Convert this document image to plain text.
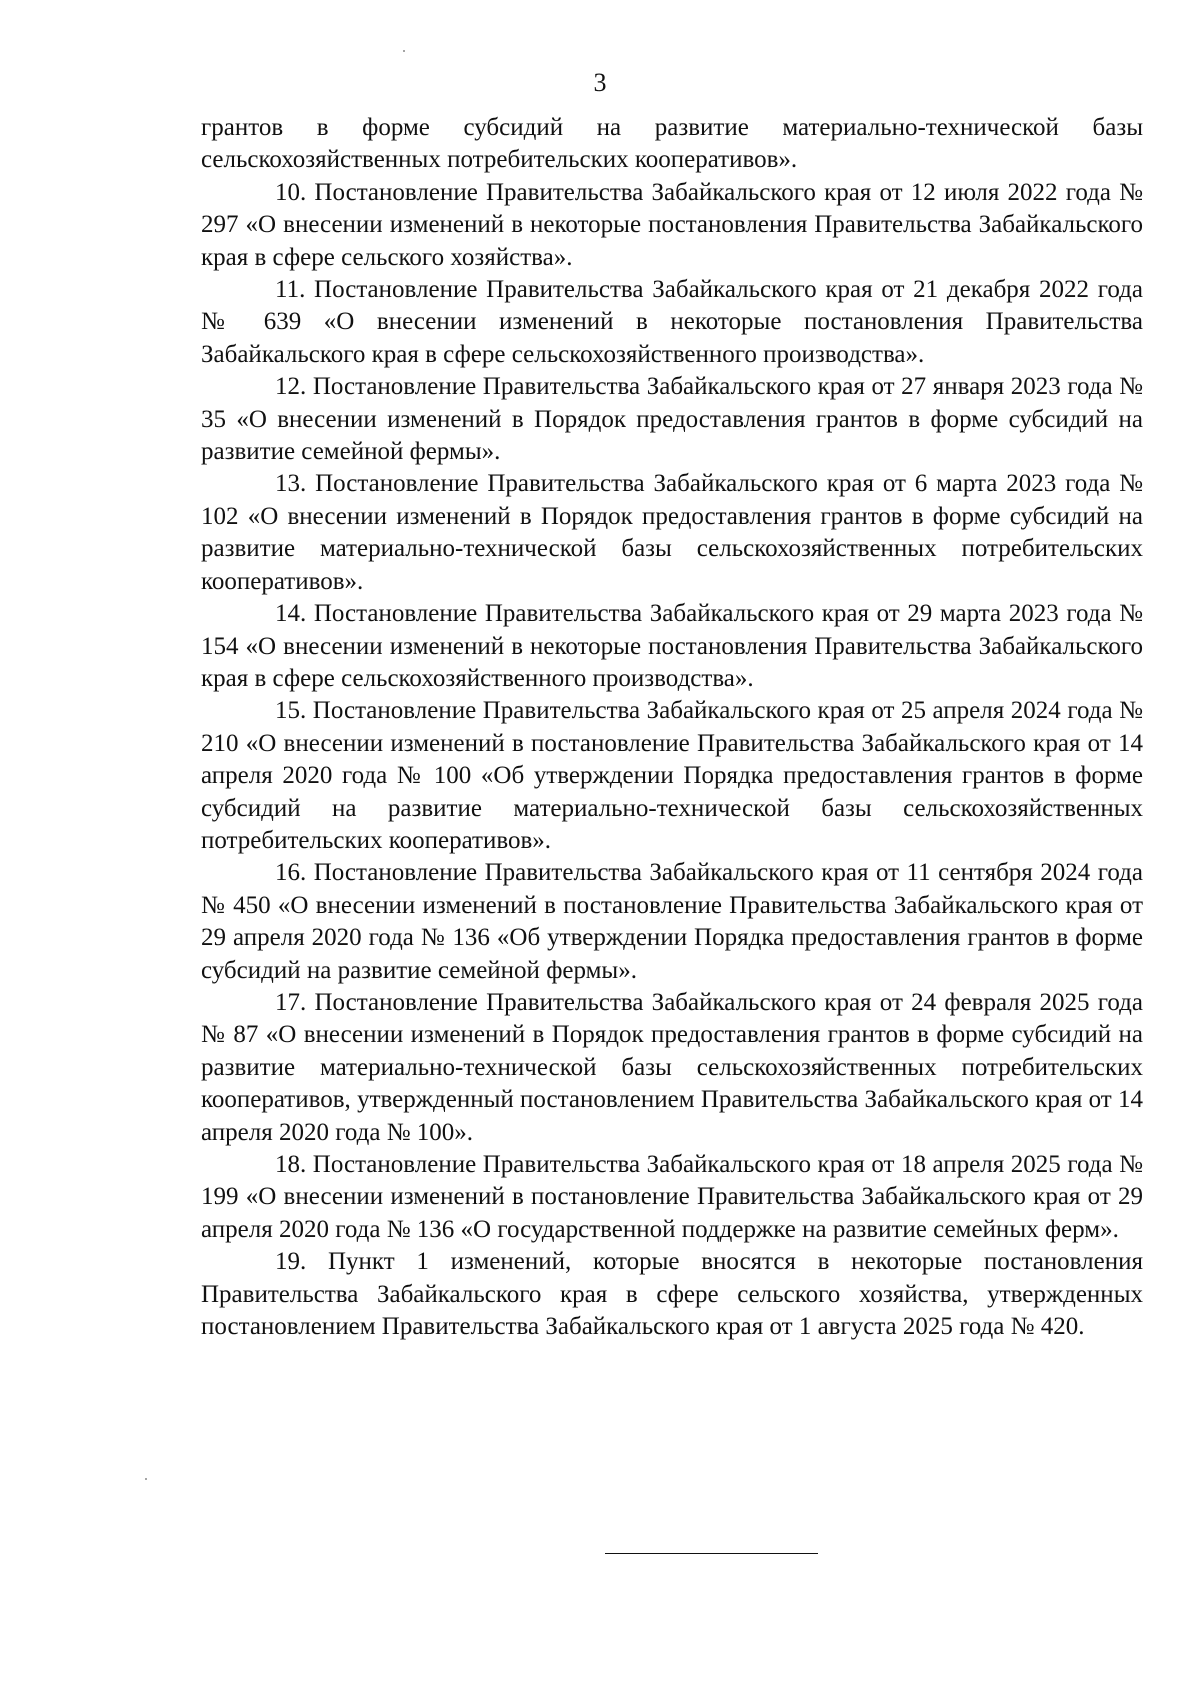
3

грантов в форме субсидий на развитие материально-технической базы сельскохозяйственных потребительских кооперативов».

10. Постановление Правительства Забайкальского края от 12 июля 2022 года № 297 «О внесении изменений в некоторые постановления Правительства Забайкальского края в сфере сельского хозяйства».

11. Постановление Правительства Забайкальского края от 21 декабря 2022 года № 639 «О внесении изменений в некоторые постановления Правительства Забайкальского края в сфере сельскохозяйственного производства».

12. Постановление Правительства Забайкальского края от 27 января 2023 года № 35 «О внесении изменений в Порядок предоставления грантов в форме субсидий на развитие семейной фермы».

13. Постановление Правительства Забайкальского края от 6 марта 2023 года № 102 «О внесении изменений в Порядок предоставления грантов в форме субсидий на развитие материально-технической базы сельскохозяйственных потребительских кооперативов».

14. Постановление Правительства Забайкальского края от 29 марта 2023 года № 154 «О внесении изменений в некоторые постановления Правительства Забайкальского края в сфере сельскохозяйственного производства».

15. Постановление Правительства Забайкальского края от 25 апреля 2024 года № 210 «О внесении изменений в постановление Правительства Забайкальского края от 14 апреля 2020 года № 100 «Об утверждении Порядка предоставления грантов в форме субсидий на развитие материально-технической базы сельскохозяйственных потребительских кооперативов».

16. Постановление Правительства Забайкальского края от 11 сентября 2024 года № 450 «О внесении изменений в постановление Правительства Забайкальского края от 29 апреля 2020 года № 136 «Об утверждении Порядка предоставления грантов в форме субсидий на развитие семейной фермы».

17. Постановление Правительства Забайкальского края от 24 февраля 2025 года № 87 «О внесении изменений в Порядок предоставления грантов в форме субсидий на развитие материально-технической базы сельскохозяйственных потребительских кооперативов, утвержденный постановлением Правительства Забайкальского края от 14 апреля 2020 года № 100».

18. Постановление Правительства Забайкальского края от 18 апреля 2025 года № 199 «О внесении изменений в постановление Правительства Забайкальского края от 29 апреля 2020 года № 136 «О государственной поддержке на развитие семейных ферм».

19. Пункт 1 изменений, которые вносятся в некоторые постановления Правительства Забайкальского края в сфере сельского хозяйства, утвержденных постановлением Правительства Забайкальского края от 1 августа 2025 года № 420.
